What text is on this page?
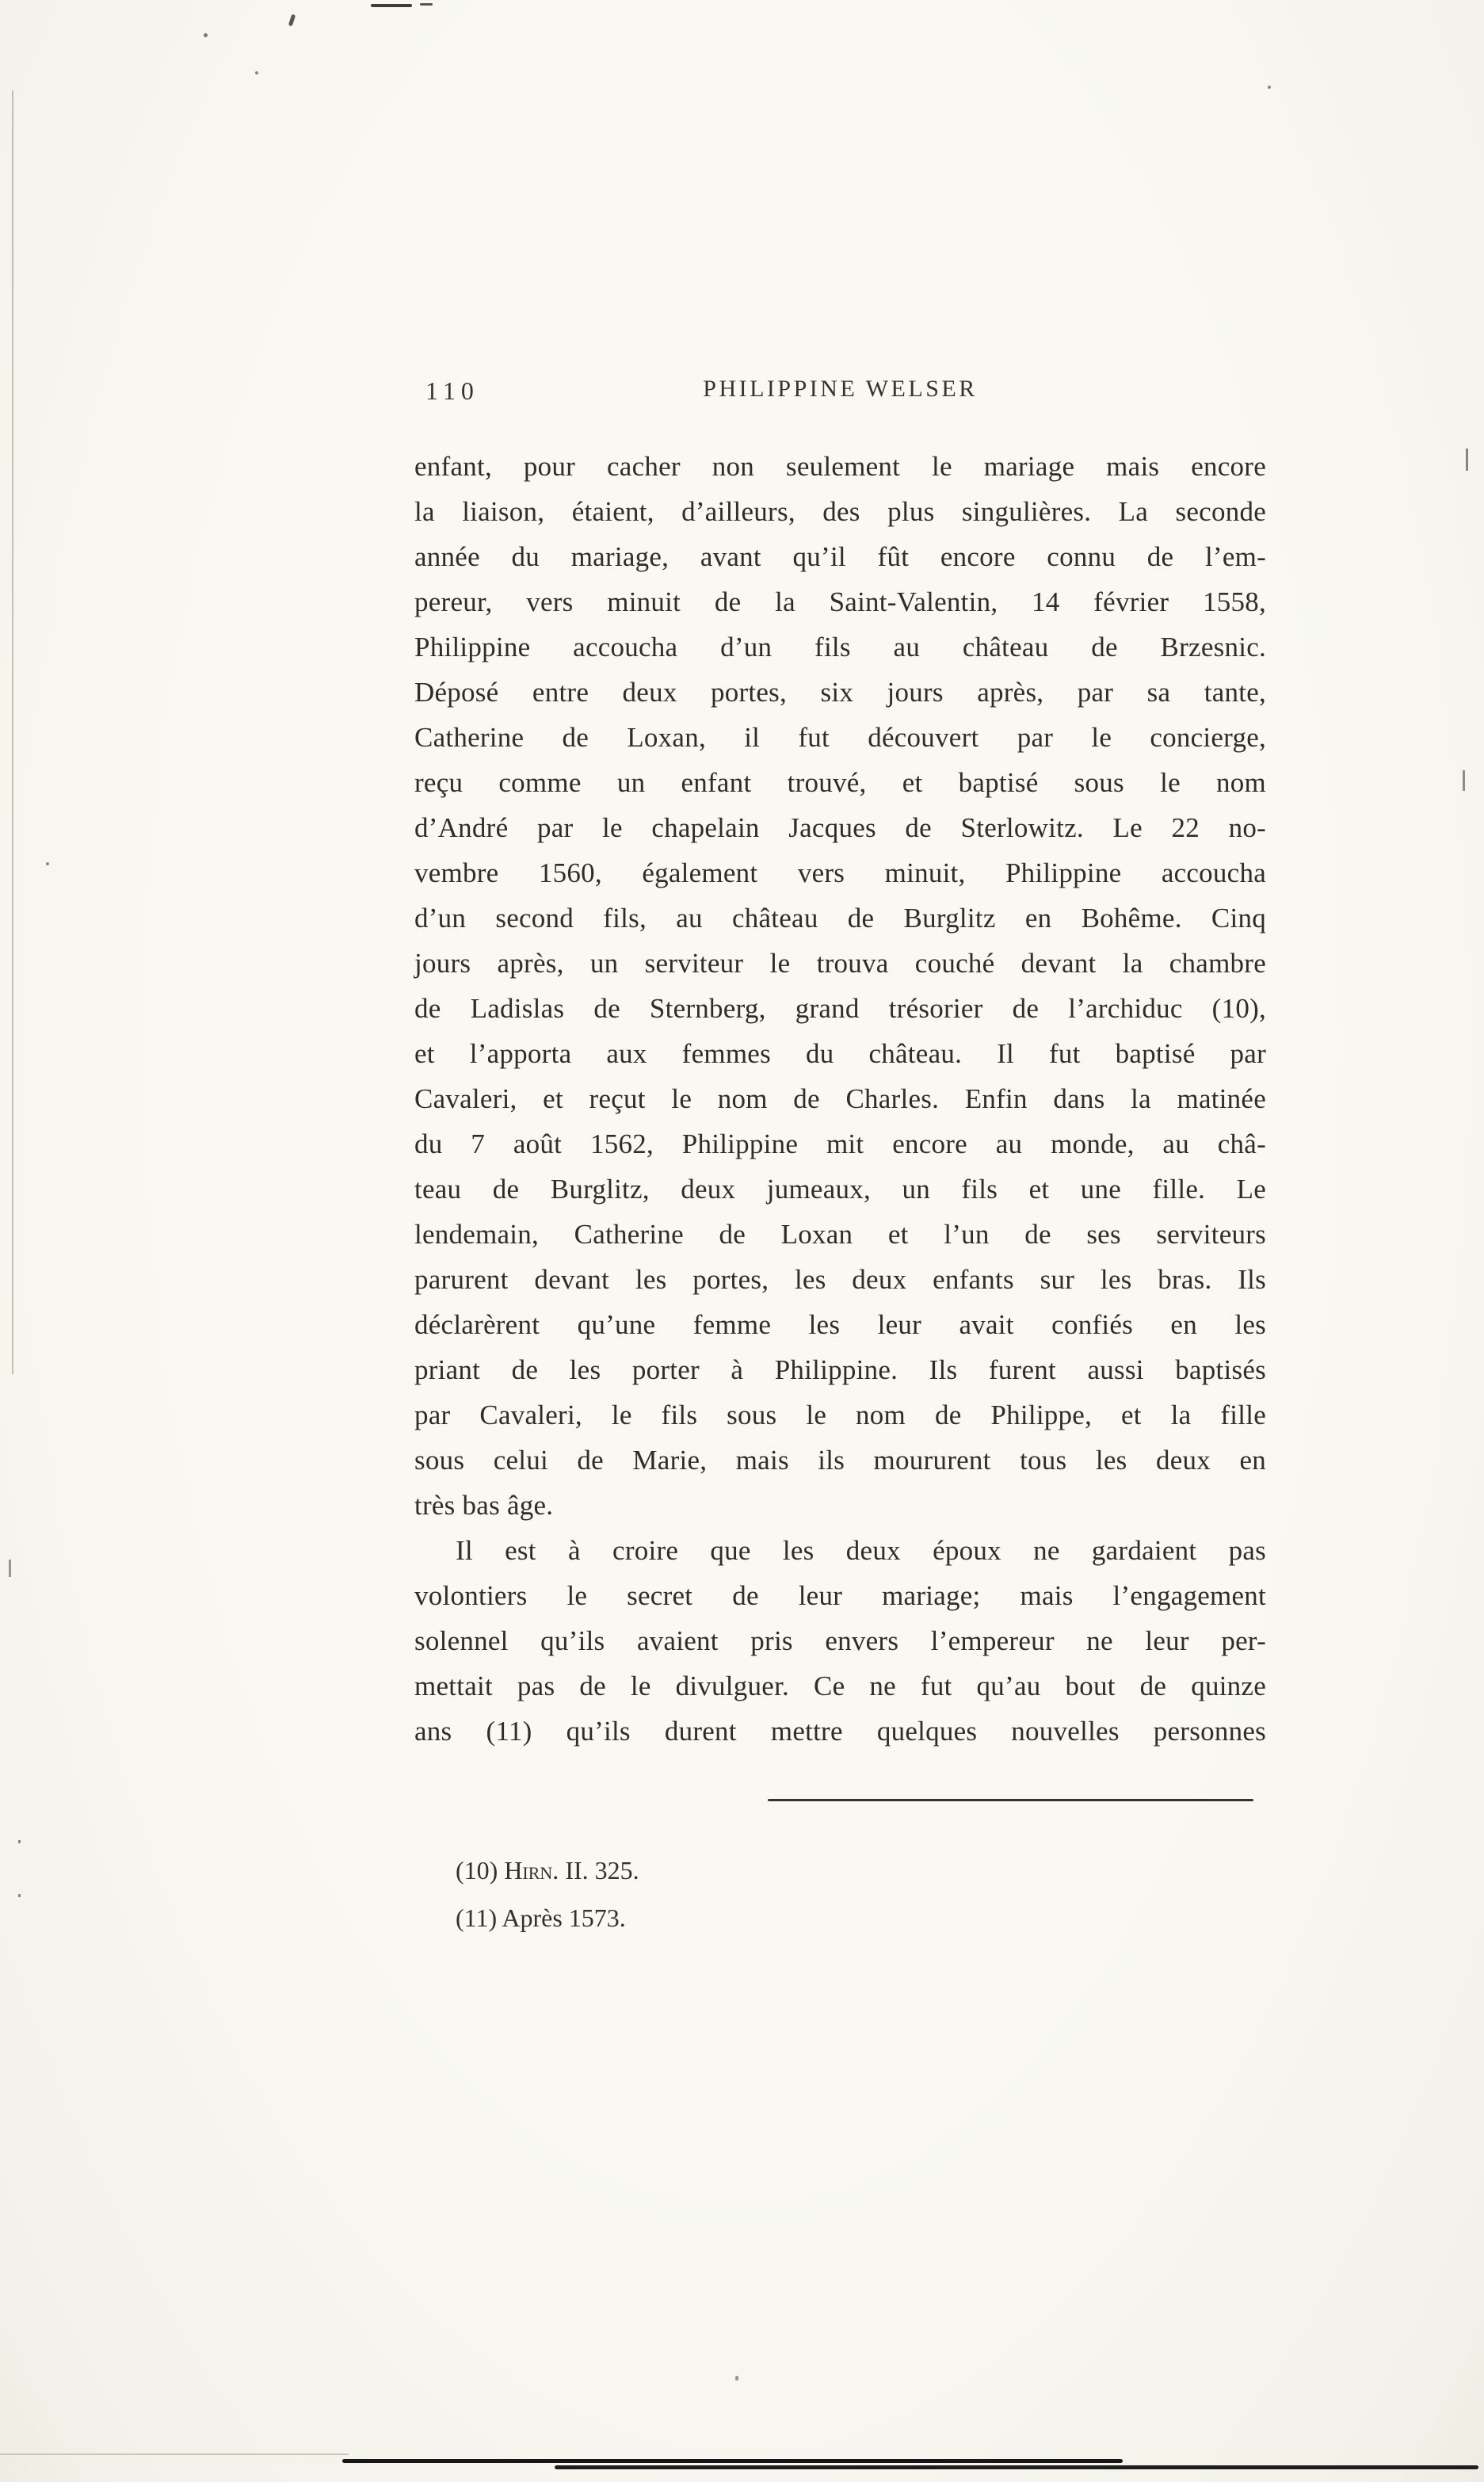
110	PHILIPPINE WELSER
enfant, pour cacher non seulement le mariage mais encore
la liaison, étaient, d’ailleurs, des plus singulières. La seconde
année du mariage, avant qu’il fût encore connu de l’em-
pereur, vers minuit de la Saint-Valentin, 14 février 1558,
Philippine accoucha d’un fils au château de Brzesnic.
Déposé entre deux portes, six jours après, par sa tante,
Catherine de Loxan, il fut découvert par le concierge,
reçu comme un enfant trouvé, et baptisé sous le nom
d’André par le chapelain Jacques de Sterlowitz. Le 22 no-
vembre 1560, également vers minuit, Philippine accoucha
d’un second fils, au château de Burglitz en Bohême. Cinq
jours après, un serviteur le trouva couché devant la chambre
de Ladislas de Sternberg, grand trésorier de l’archiduc (10),
et l’apporta aux femmes du château. Il fut baptisé par
Cavaleri, et reçut le nom de Charles. Enfin dans la matinée
du 7 août 1562, Philippine mit encore au monde, au châ-
teau de Burglitz, deux jumeaux, un fils et une fille. Le
lendemain, Catherine de Loxan et l’un de ses serviteurs
parurent devant les portes, les deux enfants sur les bras. Ils
déclarèrent qu’une femme les leur avait confiés en les
priant de les porter à Philippine. Ils furent aussi baptisés
par Cavaleri, le fils sous le nom de Philippe, et la fille
sous celui de Marie, mais ils moururent tous les deux en
très bas âge.
Il est à croire que les deux époux ne gardaient pas
volontiers le secret de leur mariage; mais l’engagement
solennel qu’ils avaient pris envers l’empereur ne leur per-
mettait pas de le divulguer. Ce ne fut qu’au bout de quinze
ans (11) qu’ils durent mettre quelques nouvelles personnes
(10) Hirn. II. 325.
(11) Après 1573.
